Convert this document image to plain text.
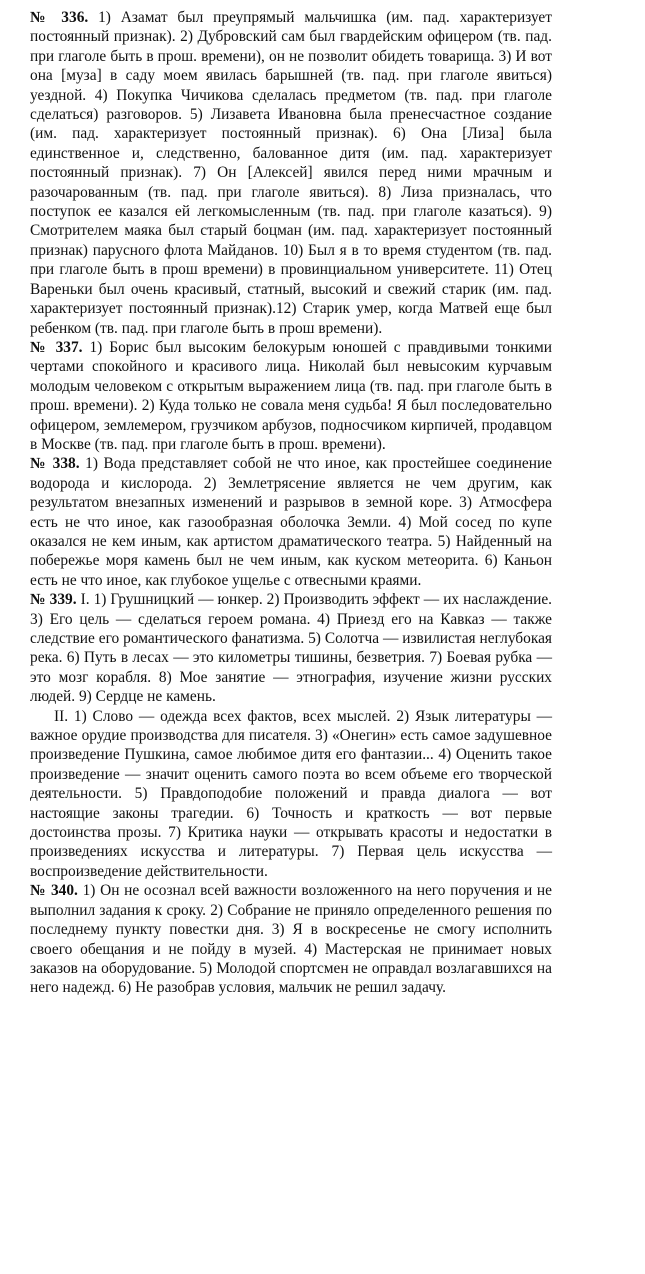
№ 336. 1) Азамат был преупрямый мальчишка (им. пад. характеризует постоянный признак). 2) Дубровский сам был гвардейским офицером (тв. пад. при глаголе быть в прош. времени), он не позволит обидеть товарища. 3) И вот она [муза] в саду моем явилась барышней (тв. пад. при глаголе явиться) уездной. 4) Покупка Чичикова сделалась предметом (тв. пад. при глаголе сделаться) разговоров. 5) Лизавета Ивановна была пренесчастное создание (им. пад. характеризует постоянный признак). 6) Она [Лиза] была единственное и, следственно, балованное дитя (им. пад. характеризует постоянный признак). 7) Он [Алексей] явился перед ними мрачным и разочарованным (тв. пад. при глаголе явиться). 8) Лиза призналась, что поступок ее казался ей легкомысленным (тв. пад. при глаголе казаться). 9) Смотрителем маяка был старый боцман (им. пад. характеризует постоянный признак) парусного флота Майданов. 10) Был я в то время студентом (тв. пад. при глаголе быть в прош времени) в провинциальном университете. 11) Отец Вареньки был очень красивый, статный, высокий и свежий старик (им. пад. характеризует постоянный признак).12) Старик умер, когда Матвей еще был ребенком (тв. пад. при глаголе быть в прош времени).

№ 337. 1) Борис был высоким белокурым юношей с правдивыми тонкими чертами спокойного и красивого лица. Николай был невысоким курчавым молодым человеком с открытым выражением лица (тв. пад. при глаголе быть в прош. времени). 2) Куда только не совала меня судьба! Я был последовательно офицером, землемером, грузчиком арбузов, подносчиком кирпичей, продавцом в Москве (тв. пад. при глаголе быть в прош. времени).

№ 338. 1) Вода представляет собой не что иное, как простейшее соединение водорода и кислорода. 2) Землетрясение является не чем другим, как результатом внезапных изменений и разрывов в земной коре. 3) Атмосфера есть не что иное, как газообразная оболочка Земли. 4) Мой сосед по купе оказался не кем иным, как артистом драматического театра. 5) Найденный на побережье моря камень был не чем иным, как куском метеорита. 6) Каньон есть не что иное, как глубокое ущелье с отвесными краями.

№ 339. I. 1) Грушницкий — юнкер. 2) Производить эффект — их наслаждение. 3) Его цель — сделаться героем романа. 4) Приезд его на Кавказ — также следствие его романтического фанатизма. 5) Солотча — извилистая неглубокая река. 6) Путь в лесах — это километры тишины, безветрия. 7) Боевая рубка — это мозг корабля. 8) Мое занятие — этнография, изучение жизни русских людей. 9) Сердце не камень.

II. 1) Слово — одежда всех фактов, всех мыслей. 2) Язык литературы — важное орудие производства для писателя. 3) «Онегин» есть самое задушевное произведение Пушкина, самое любимое дитя его фантазии... 4) Оценить такое произведение — значит оценить самого поэта во всем объеме его творческой деятельности. 5) Правдоподобие положений и правда диалога — вот настоящие законы трагедии. 6) Точность и краткость — вот первые достоинства прозы. 7) Критика науки — открывать красоты и недостатки в произведениях искусства и литературы. 7) Первая цель искусства — воспроизведение действительности.

№ 340. 1) Он не осознал всей важности возложенного на него поручения и не выполнил задания к сроку. 2) Собрание не приняло определенного решения по последнему пункту повестки дня. 3) Я в воскресенье не смогу исполнить своего обещания и не пойду в музей. 4) Мастерская не принимает новых заказов на оборудование. 5) Молодой спортсмен не оправдал возлагавшихся на него надежд. 6) Не разобрав условия, мальчик не решил задачу.
